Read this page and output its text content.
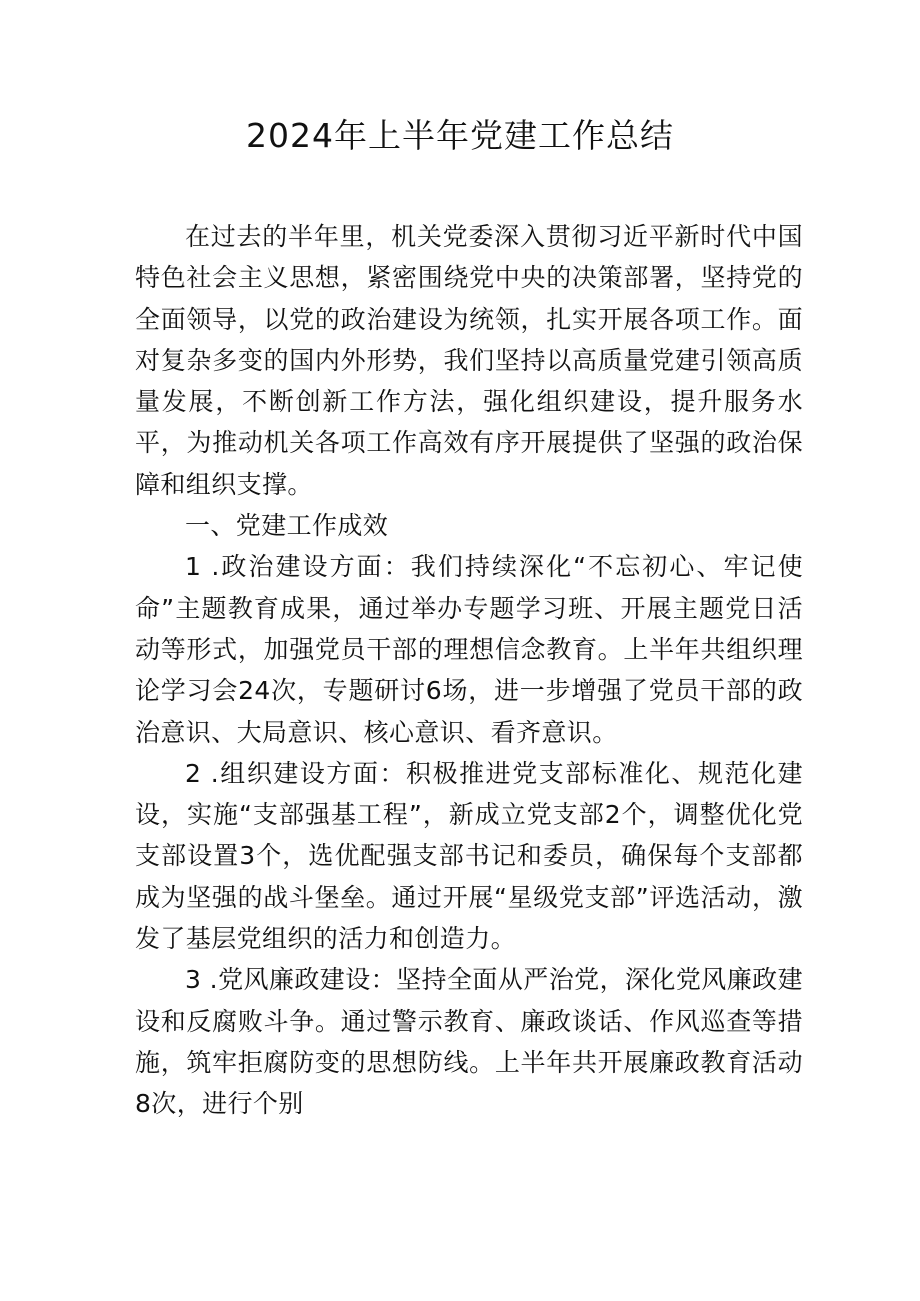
2024年上半年党建工作总结

在过去的半年里，机关党委深入贯彻习近平新时代中国特色社会主义思想，紧密围绕党中央的决策部署，坚持党的全面领导，以党的政治建设为统领，扎实开展各项工作。面对复杂多变的国内外形势，我们坚持以高质量党建引领高质量发展，不断创新工作方法，强化组织建设，提升服务水平，为推动机关各项工作高效有序开展提供了坚强的政治保障和组织支撑。

一、党建工作成效

1 .政治建设方面：我们持续深化“不忘初心、牢记使命”主题教育成果，通过举办专题学习班、开展主题党日活动等形式，加强党员干部的理想信念教育。上半年共组织理论学习会24次，专题研讨6场，进一步增强了党员干部的政治意识、大局意识、核心意识、看齐意识。

2 .组织建设方面：积极推进党支部标准化、规范化建设，实施“支部强基工程”，新成立党支部2个，调整优化党支部设置3个，选优配强支部书记和委员，确保每个支部都成为坚强的战斗堡垒。通过开展“星级党支部”评选活动，激发了基层党组织的活力和创造力。

3 .党风廉政建设：坚持全面从严治党，深化党风廉政建设和反腐败斗争。通过警示教育、廉政谈话、作风巡查等措施，筑牢拒腐防变的思想防线。上半年共开展廉政教育活动8次，进行个别
